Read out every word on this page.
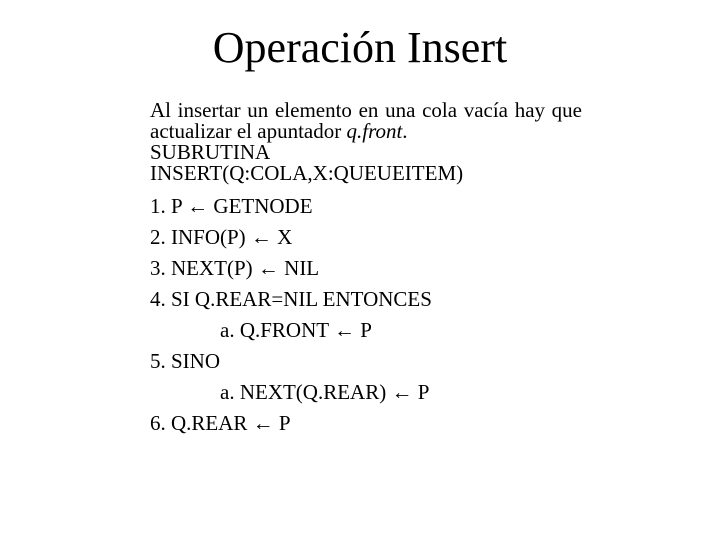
Operación Insert

Al insertar un elemento en una cola vacía hay que actualizar el apuntador q.front.

SUBRUTINA
INSERT(Q:COLA,X:QUEUEITEM)
1. P ← GETNODE
2. INFO(P) ← X
3. NEXT(P) ← NIL
4. SI Q.REAR=NIL ENTONCES
a. Q.FRONT ← P
5. SINO
a. NEXT(Q.REAR) ← P
6. Q.REAR ← P
